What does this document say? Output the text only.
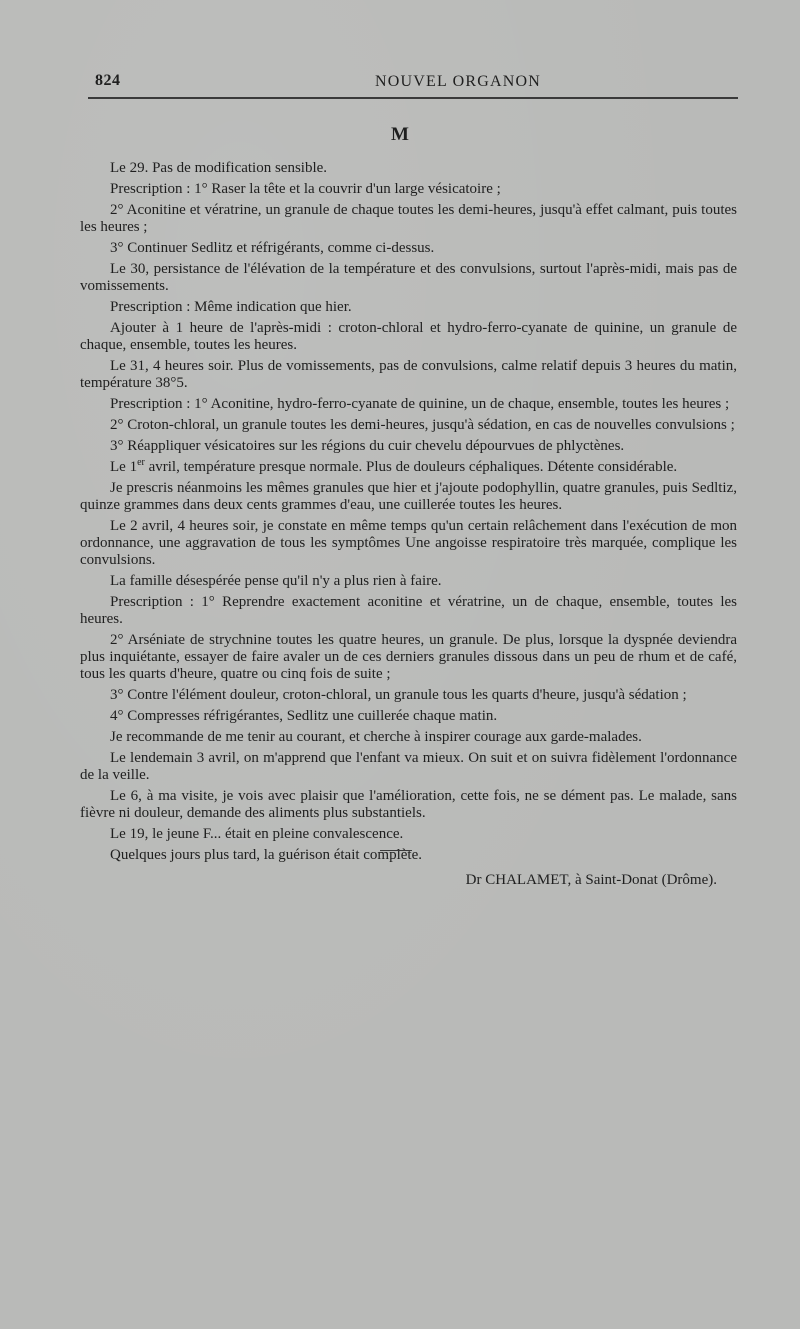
824	NOUVEL ORGANON
M

Le 29. Pas de modification sensible.

Prescription : 1° Raser la tête et la couvrir d'un large vésicatoire ;

2° Aconitine et vératrine, un granule de chaque toutes les demi-heures, jusqu'à effet calmant, puis toutes les heures ;

3° Continuer Sedlitz et réfrigérants, comme ci-dessus.

Le 30, persistance de l'élévation de la température et des convulsions, surtout l'après-midi, mais pas de vomissements.

Prescription : Même indication que hier.

Ajouter à 1 heure de l'après-midi : croton-chloral et hydro-ferro-cyanate de quinine, un granule de chaque, ensemble, toutes les heures.

Le 31, 4 heures soir. Plus de vomissements, pas de convulsions, calme relatif depuis 3 heures du matin, température 38°5.

Prescription : 1° Aconitine, hydro-ferro-cyanate de quinine, un de chaque, ensemble, toutes les heures ;

2° Croton-chloral, un granule toutes les demi-heures, jusqu'à sédation, en cas de nouvelles convulsions ;

3° Réappliquer vésicatoires sur les régions du cuir chevelu dépourvues de phlyctènes.

Le 1er avril, température presque normale. Plus de douleurs céphaliques. Détente considérable.

Je prescris néanmoins les mêmes granules que hier et j'ajoute podophyllin, quatre granules, puis Sedltiz, quinze grammes dans deux cents grammes d'eau, une cuillerée toutes les heures.

Le 2 avril, 4 heures soir, je constate en même temps qu'un certain relâchement dans l'exécution de mon ordonnance, une aggravation de tous les symptômes Une angoisse respiratoire très marquée, complique les convulsions.

La famille désespérée pense qu'il n'y a plus rien à faire.

Prescription : 1° Reprendre exactement aconitine et vératrine, un de chaque, ensemble, toutes les heures.

2° Arséniate de strychnine toutes les quatre heures, un granule. De plus, lorsque la dyspnée deviendra plus inquiétante, essayer de faire avaler un de ces derniers granules dissous dans un peu de rhum et de café, tous les quarts d'heure, quatre ou cinq fois de suite ;

3° Contre l'élément douleur, croton-chloral, un granule tous les quarts d'heure, jusqu'à sédation ;

4° Compresses réfrigérantes, Sedlitz une cuillerée chaque matin.

Je recommande de me tenir au courant, et cherche à inspirer courage aux garde-malades.

Le lendemain 3 avril, on m'apprend que l'enfant va mieux. On suit et on suivra fidèlement l'ordonnance de la veille.

Le 6, à ma visite, je vois avec plaisir que l'amélioration, cette fois, ne se dément pas. Le malade, sans fièvre ni douleur, demande des aliments plus substantiels.

Le 19, le jeune F... était en pleine convalescence.

Quelques jours plus tard, la guérison était complète.

Dr CHALAMET, à Saint-Donat (Drôme).
